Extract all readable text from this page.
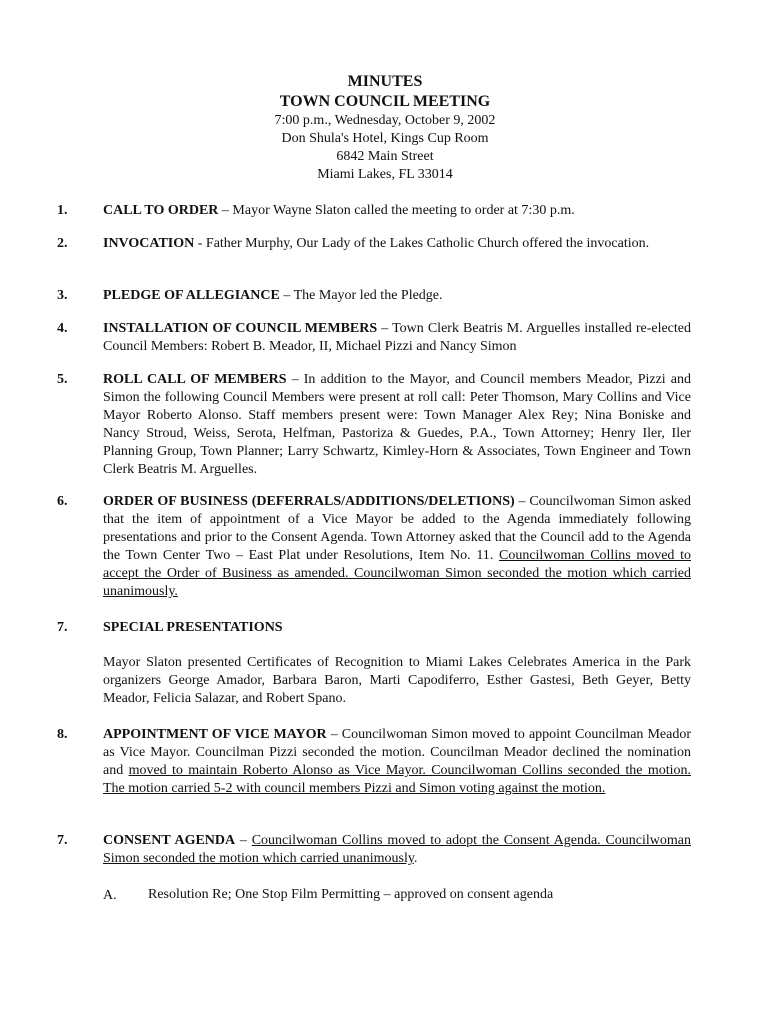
MINUTES
TOWN COUNCIL MEETING
7:00 p.m., Wednesday, October 9, 2002
Don Shula's Hotel, Kings Cup Room
6842 Main Street
Miami Lakes, FL 33014
1.	CALL TO ORDER – Mayor Wayne Slaton called the meeting to order at 7:30 p.m.
2.	INVOCATION - Father Murphy, Our Lady of the Lakes Catholic Church offered the invocation.
3.	PLEDGE OF ALLEGIANCE – The Mayor led the Pledge.
4.	INSTALLATION OF COUNCIL MEMBERS – Town Clerk Beatris M. Arguelles installed re-elected Council Members: Robert B. Meador, II, Michael Pizzi and Nancy Simon
5.	ROLL CALL OF MEMBERS – In addition to the Mayor, and Council members Meador, Pizzi and Simon the following Council Members were present at roll call: Peter Thomson, Mary Collins and Vice Mayor Roberto Alonso. Staff members present were: Town Manager Alex Rey; Nina Boniske and Nancy Stroud, Weiss, Serota, Helfman, Pastoriza & Guedes, P.A., Town Attorney; Henry Iler, Iler Planning Group, Town Planner; Larry Schwartz, Kimley-Horn & Associates, Town Engineer and Town Clerk Beatris M. Arguelles.
6.	ORDER OF BUSINESS (DEFERRALS/ADDITIONS/DELETIONS) – Councilwoman Simon asked that the item of appointment of a Vice Mayor be added to the Agenda immediately following presentations and prior to the Consent Agenda. Town Attorney asked that the Council add to the Agenda the Town Center Two – East Plat under Resolutions, Item No. 11. Councilwoman Collins moved to accept the Order of Business as amended. Councilwoman Simon seconded the motion which carried unanimously.
7.	SPECIAL PRESENTATIONS
Mayor Slaton presented Certificates of Recognition to Miami Lakes Celebrates America in the Park organizers George Amador, Barbara Baron, Marti Capodiferro, Esther Gastesi, Beth Geyer, Betty Meador, Felicia Salazar, and Robert Spano.
8.	APPOINTMENT OF VICE MAYOR – Councilwoman Simon moved to appoint Councilman Meador as Vice Mayor. Councilman Pizzi seconded the motion. Councilman Meador declined the nomination and moved to maintain Roberto Alonso as Vice Mayor. Councilwoman Collins seconded the motion. The motion carried 5-2 with council members Pizzi and Simon voting against the motion.
7.	CONSENT AGENDA – Councilwoman Collins moved to adopt the Consent Agenda. Councilwoman Simon seconded the motion which carried unanimously.
A. Resolution Re; One Stop Film Permitting – approved on consent agenda
